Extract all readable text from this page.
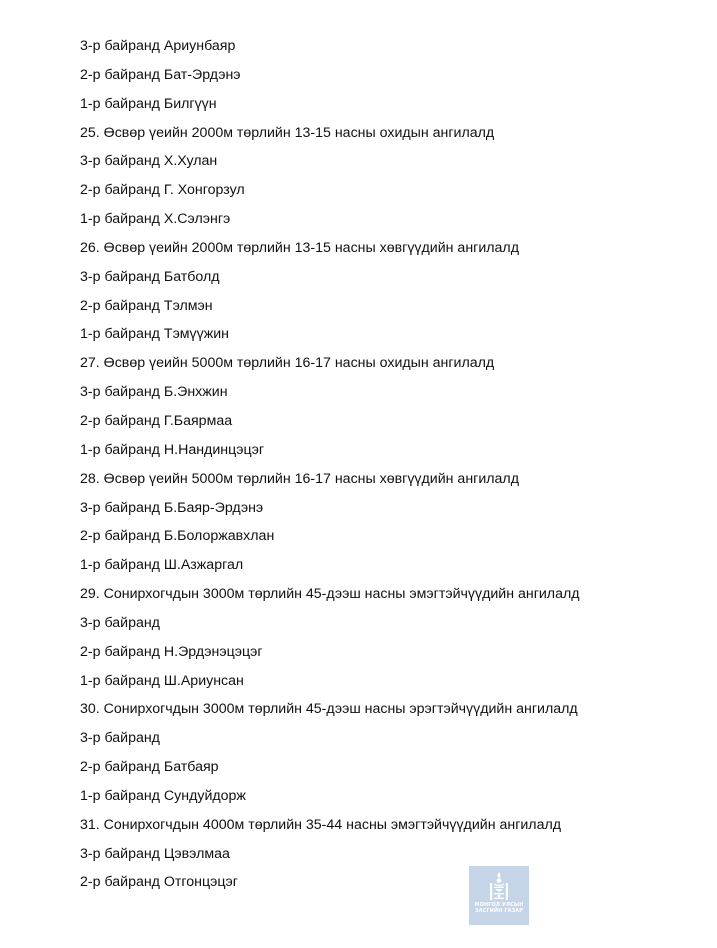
3-р байранд Ариунбаяр
2-р байранд Бат-Эрдэнэ
1-р байранд Билгүүн
25. Өсвөр үеийн 2000м төрлийн 13-15 насны охидын ангилалд
3-р байранд Х.Хулан
2-р байранд Г. Хонгорзул
1-р байранд Х.Сэлэнгэ
26. Өсвөр үеийн 2000м төрлийн 13-15 насны хөвгүүдийн ангилалд
3-р байранд Батболд
2-р байранд Тэлмэн
1-р байранд Тэмүүжин
27. Өсвөр үеийн 5000м төрлийн 16-17 насны охидын ангилалд
3-р байранд Б.Энхжин
2-р байранд Г.Баярмаа
1-р байранд Н.Нандинцэцэг
28. Өсвөр үеийн 5000м төрлийн 16-17 насны хөвгүүдийн ангилалд
3-р байранд Б.Баяр-Эрдэнэ
2-р байранд Б.Болоржавхлан
1-р байранд Ш.Азжаргал
29. Сонирхогчдын 3000м төрлийн 45-дээш насны эмэгтэйчүүдийн ангилалд
3-р байранд
2-р байранд Н.Эрдэнэцэцэг
1-р байранд Ш.Ариунсан
30. Сонирхогчдын 3000м төрлийн 45-дээш насны эрэгтэйчүүдийн ангилалд
3-р байранд
2-р байранд Батбаяр
1-р байранд Сундуйдорж
31. Сонирхогчдын 4000м төрлийн 35-44 насны эмэгтэйчүүдийн ангилалд
3-р байранд Цэвэлмаа
2-р байранд Отгонцэцэг
МОНГОЛ УЛСЫН
ЗАСГИЙН ГАЗАР
